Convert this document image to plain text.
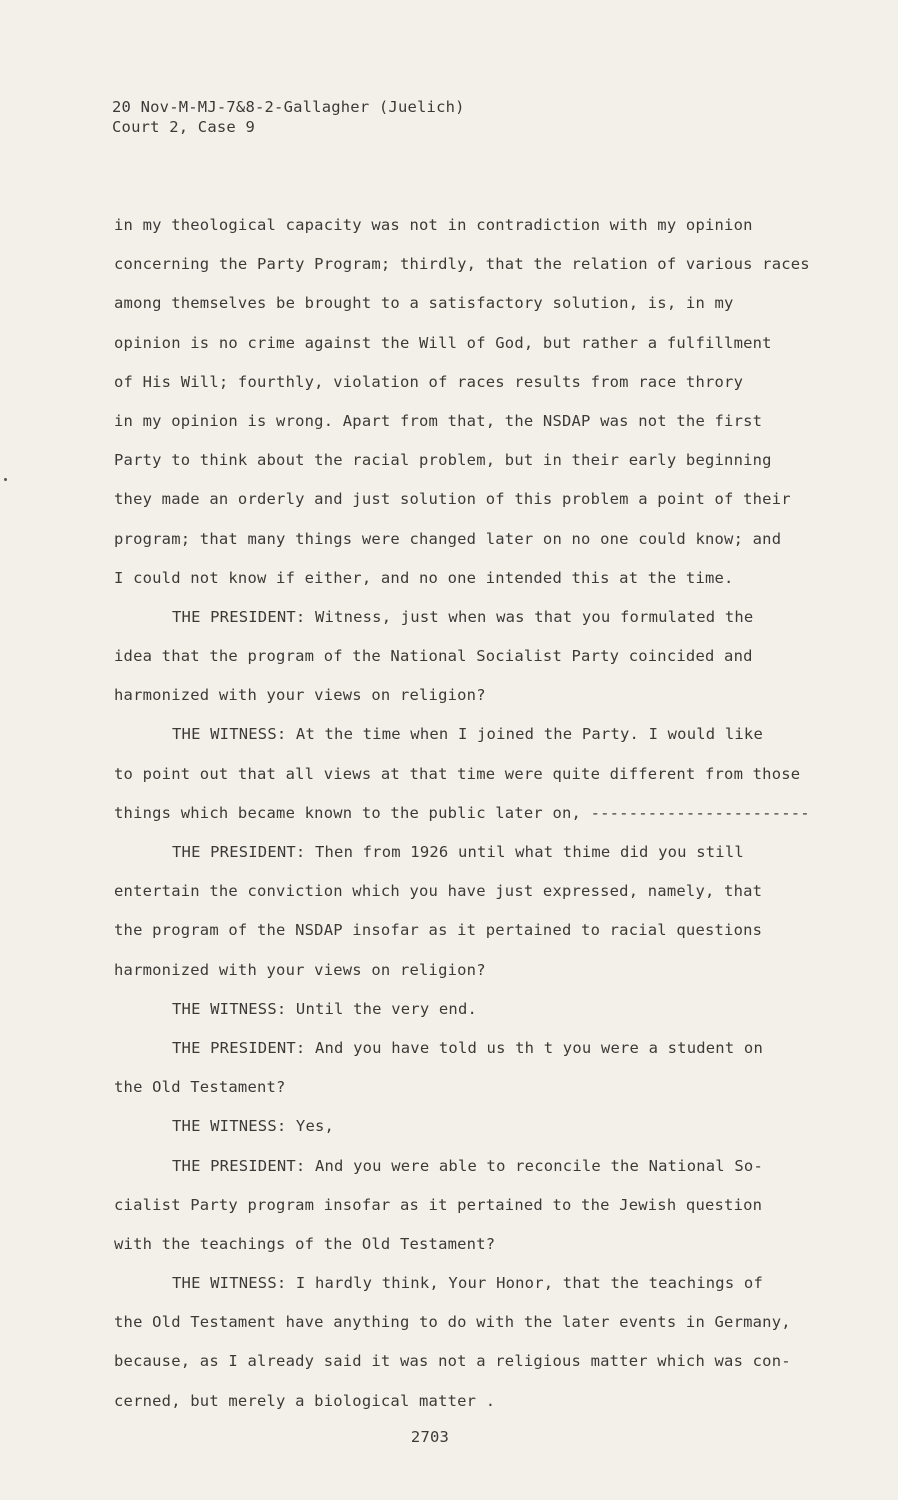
20 Nov-M-MJ-7&8-2-Gallagher (Juelich)
Court 2, Case 9
in my theological capacity was not in contradiction with my opinion
concerning the Party Program; thirdly, that the relation of various races
among themselves be brought to a satisfactory solution, is, in my
opinion is no crime against the Will of God, but rather a fulfillment
of His Will; fourthly, violation of races results from race throry
in my opinion is wrong. Apart from that, the NSDAP was not the first
Party to think about the racial problem, but in their early beginning
they made an orderly and just solution of this problem a point of their
program; that many things were changed later on no one could know; and
I could not know if either, and no one intended this at the time.
THE PRESIDENT: Witness, just when was that you formulated the
idea that the program of the National Socialist Party coincided and
harmonized with your views on religion?
THE WITNESS: At the time when I joined the Party. I would like
to point out that all views at that time were quite different from those
things which became known to the public later on, -----------------------
THE PRESIDENT: Then from 1926 until what thime did you still
entertain the conviction which you have just expressed, namely, that
the program of the NSDAP insofar as it pertained to racial questions
harmonized with your views on religion?
THE WITNESS: Until the very end.
THE PRESIDENT: And you have told us th t you were a student on
the Old Testament?
THE WITNESS: Yes,
THE PRESIDENT: And you were able to reconcile the National So-
cialist Party program insofar as it pertained to the Jewish question
with the teachings of the Old Testament?
THE WITNESS: I hardly think, Your Honor, that the teachings of
the Old Testament have anything to do with the later events in Germany,
because, as I already said it was not a religious matter which was con-
cerned, but merely a biological matter .
2703
